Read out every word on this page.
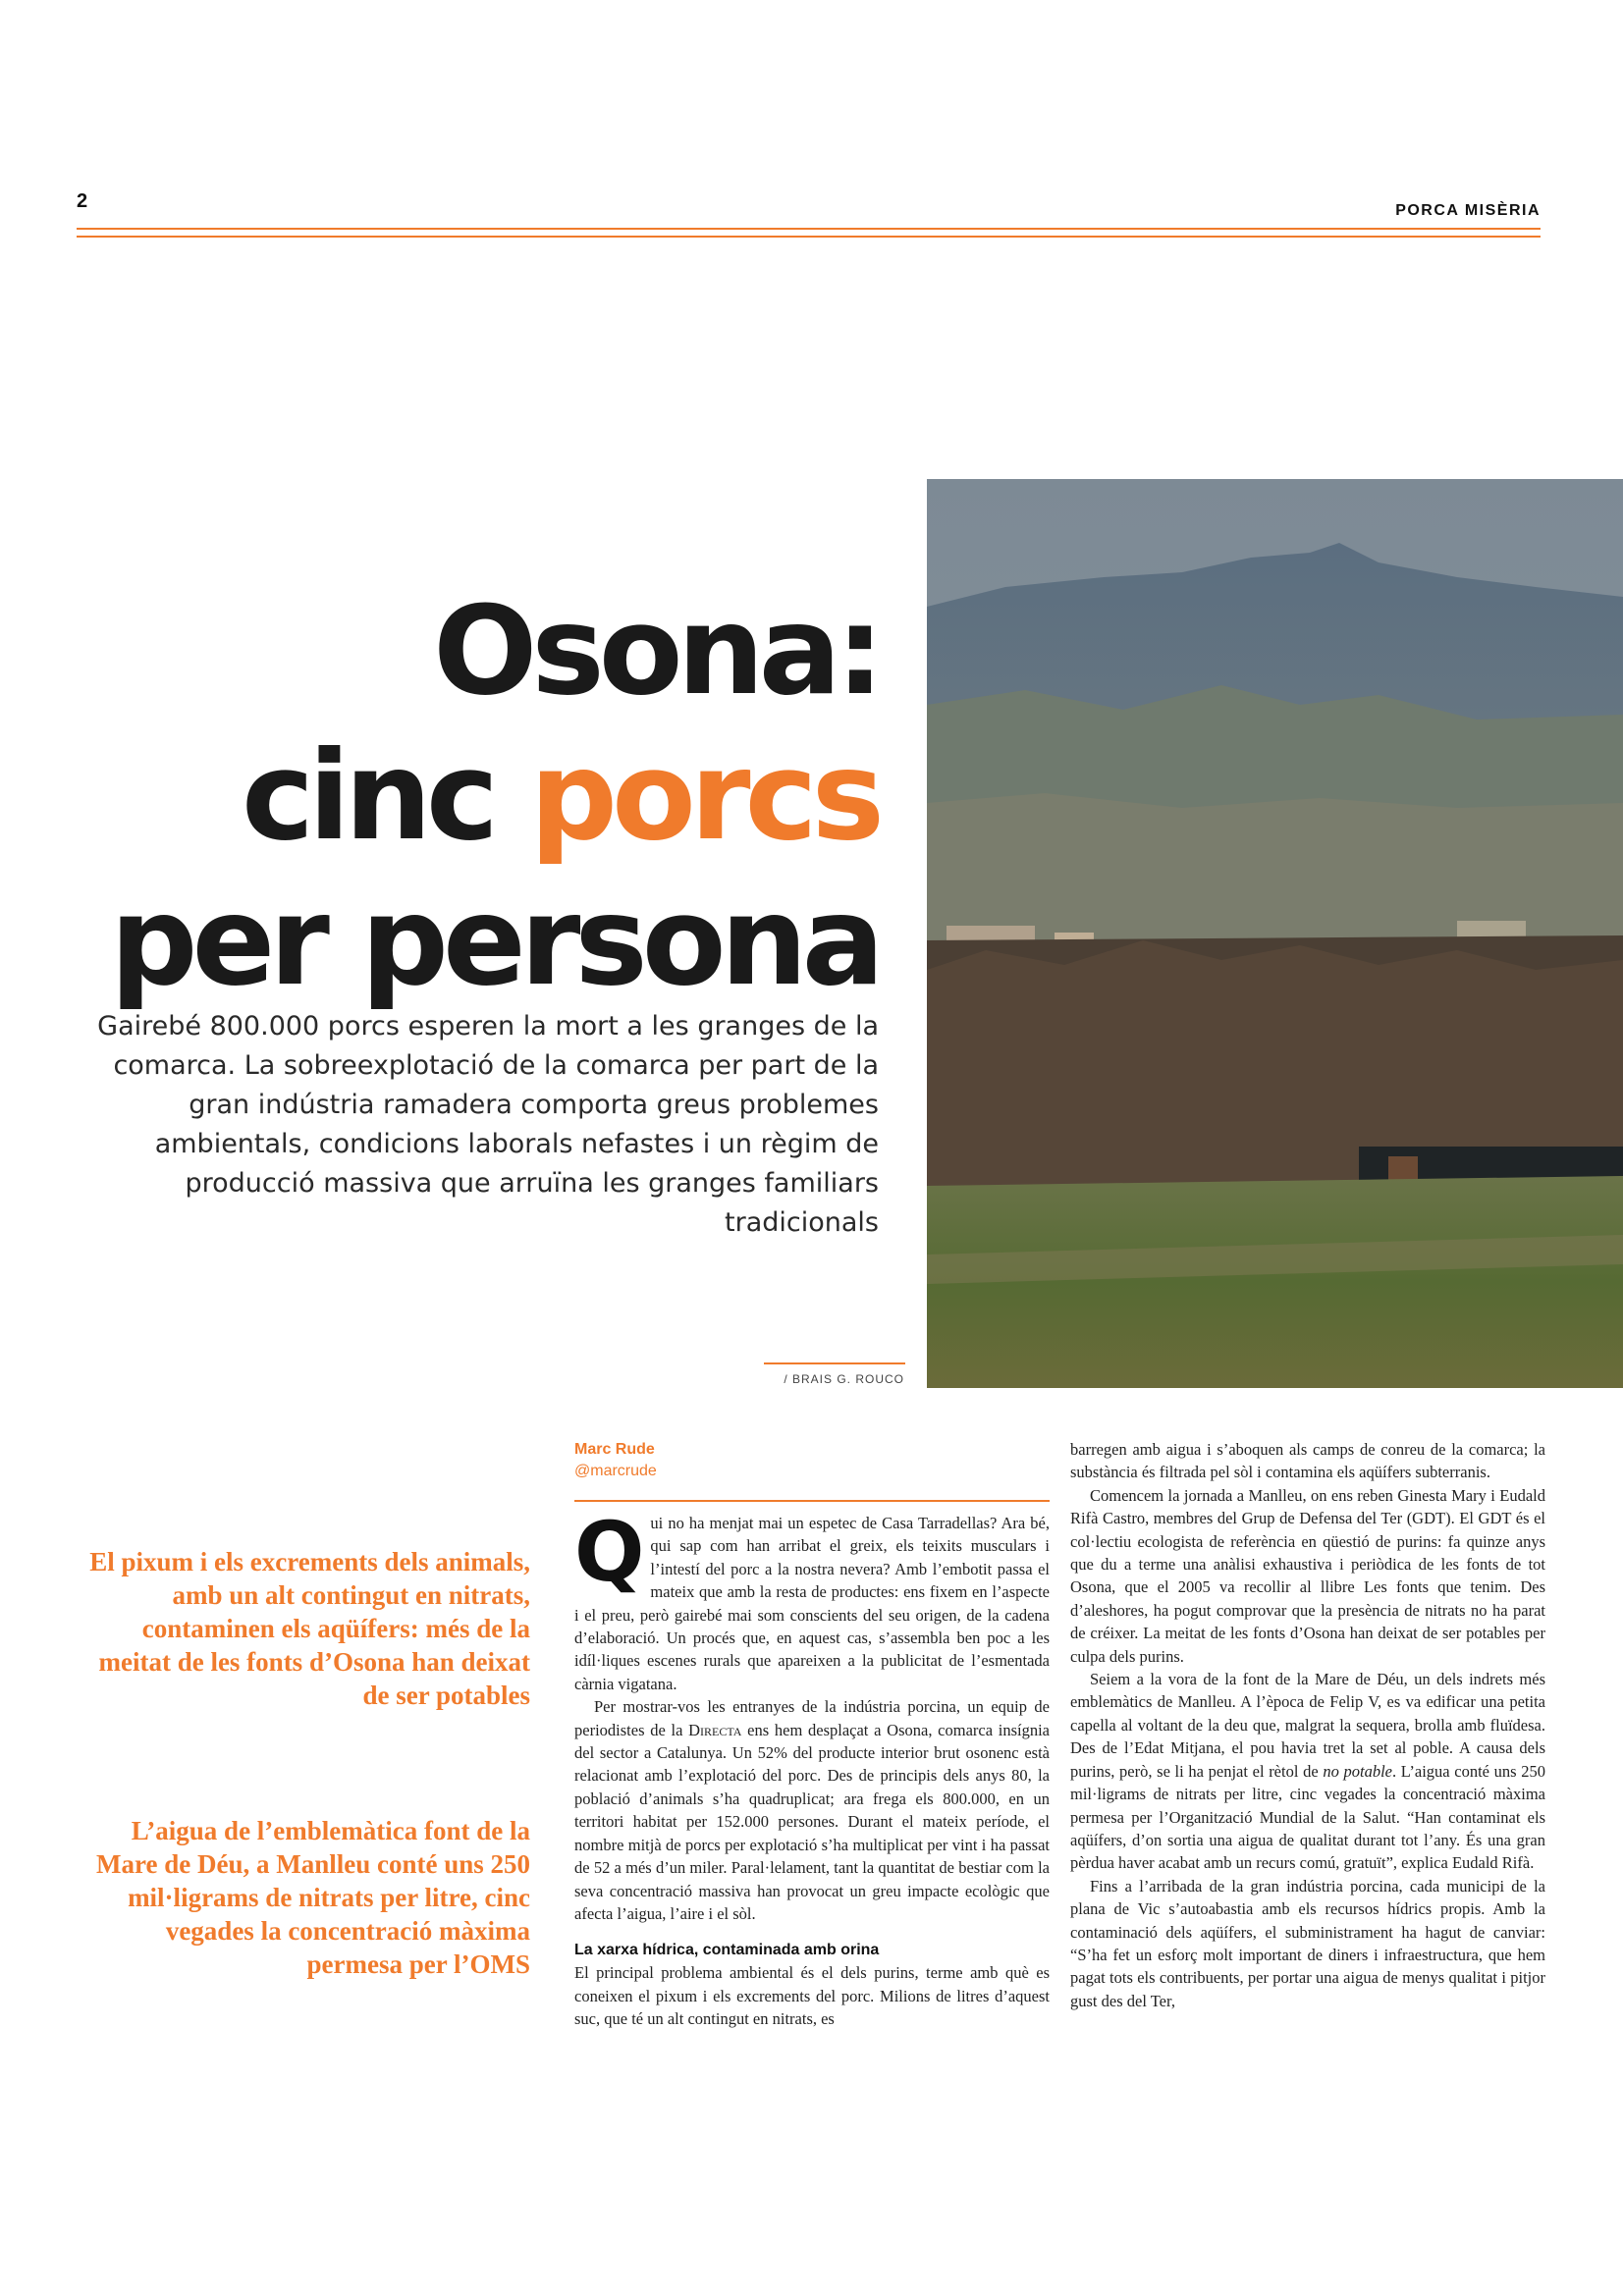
2	PORCA MISÈRIA
Osona:
cinc porcs
per persona
Gairebé 800.000 porcs esperen la mort a les granges de la comarca. La sobreexplotació de la comarca per part de la gran indústria ramadera comporta greus problemes ambientals, condicions laborals nefastes i un règim de producció massiva que arruïna les granges familiars tradicionals
/ BRAIS G. ROUCO
El pixum i els excrements dels animals, amb un alt contingut en nitrats, contaminen els aqüífers: més de la meitat de les fonts d’Osona han deixat de ser potables
L’aigua de l’emblemàtica font de la Mare de Déu, a Manlleu conté uns 250 mil·ligrams de nitrats per litre, cinc vegades la concentració màxima permesa per l’OMS
Marc Rude
@marcrude

Qui no ha menjat mai un espetec de Casa Tarradellas? Ara bé, qui sap com han arribat el greix, els teixits musculars i l’intestí del porc a la nostra nevera? Amb l’embotit passa el mateix que amb la resta de productes: ens fixem en l’aspecte i el preu, però gairebé mai som conscients del seu origen, de la cadena d’elaboració. Un procés que, en aquest cas, s’assembla ben poc a les idíl·liques escenes rurals que apareixen a la publicitat de l’esmentada càrnia vigatana.

Per mostrar-vos les entranyes de la indústria porcina, un equip de periodistes de la Directa ens hem desplaçat a Osona, comarca insígnia del sector a Catalunya. Un 52% del producte interior brut osonenc està relacionat amb l’explotació del porc. Des de principis dels anys 80, la població d’animals s’ha quadruplicat; ara frega els 800.000, en un territori habitat per 152.000 persones. Durant el mateix període, el nombre mitjà de porcs per explotació s’ha multiplicat per vint i ha passat de 52 a més d’un miler. Paral·lelament, tant la quantitat de bestiar com la seva concentració massiva han provocat un greu impacte ecològic que afecta l’aigua, l’aire i el sòl.

La xarxa hídrica, contaminada amb orina

El principal problema ambiental és el dels purins, terme amb què es coneixen el pixum i els excrements del porc. Milions de litres d’aquest suc, que té un alt contingut en nitrats, es

barregen amb aigua i s’aboquen als camps de conreu de la comarca; la substància és filtrada pel sòl i contamina els aqüífers subterranis.

Comencem la jornada a Manlleu, on ens reben Ginesta Mary i Eudald Rifà Castro, membres del Grup de Defensa del Ter (GDT). El GDT és el col·lectiu ecologista de referència en qüestió de purins: fa quinze anys que du a terme una anàlisi exhaustiva i periòdica de les fonts de tot Osona, que el 2005 va recollir al llibre Les fonts que tenim. Des d’aleshores, ha pogut comprovar que la presència de nitrats no ha parat de créixer. La meitat de les fonts d’Osona han deixat de ser potables per culpa dels purins.

Seiem a la vora de la font de la Mare de Déu, un dels indrets més emblemàtics de Manlleu. A l’època de Felip V, es va edificar una petita capella al voltant de la deu que, malgrat la sequera, brolla amb fluïdesa. Des de l’Edat Mitjana, el pou havia tret la set al poble. A causa dels purins, però, se li ha penjat el rètol de no potable. L’aigua conté uns 250 mil·ligrams de nitrats per litre, cinc vegades la concentració màxima permesa per l’Organització Mundial de la Salut. “Han contaminat els aqüífers, d’on sortia una aigua de qualitat durant tot l’any. És una gran pèrdua haver acabat amb un recurs comú, gratuït”, explica Eudald Rifà.

Fins a l’arribada de la gran indústria porcina, cada municipi de la plana de Vic s’autoabastia amb els recursos hídrics propis. Amb la contaminació dels aqüífers, el subministrament ha hagut de canviar: “S’ha fet un esforç molt important de diners i infraestructura, que hem pagat tots els contribuents, per portar una aigua de menys qualitat i pitjor gust des del Ter,
